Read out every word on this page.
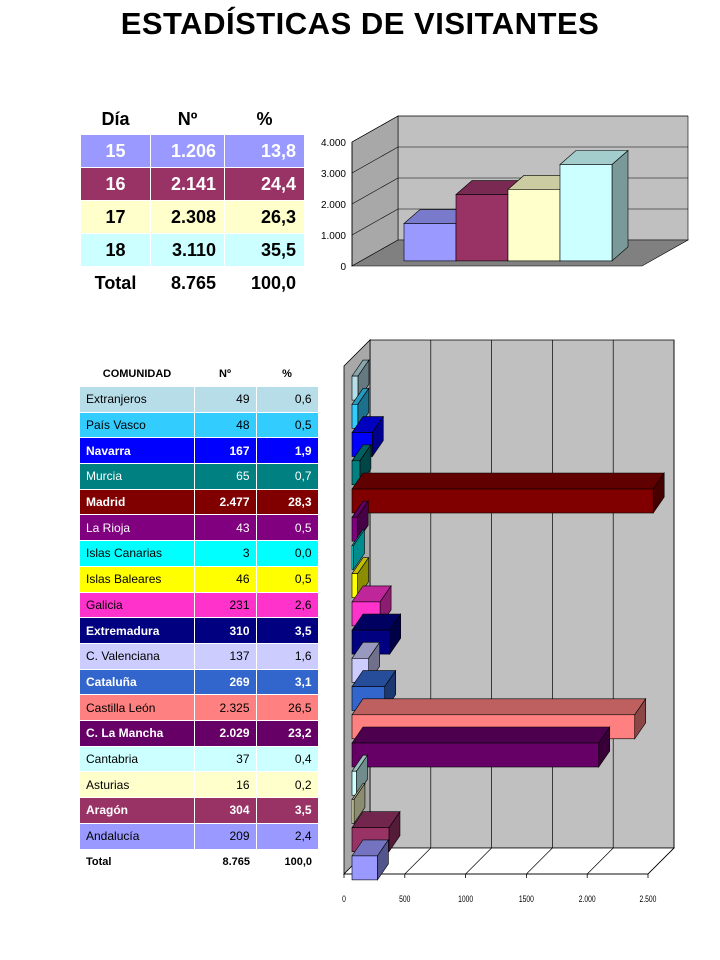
ESTADÍSTICAS DE VISITANTES
Día	Nº	%
15	1.206	13,8
16	2.141	24,4
17	2.308	26,3
18	3.110	35,5
Total	8.765	100,0
COMUNIDAD	Nº	%
Extranjeros	49	0,6
País Vasco	48	0,5
Navarra	167	1,9
Murcia	65	0,7
Madrid	2.477	28,3
La Rioja	43	0,5
Islas Canarias	3	0,0
Islas Baleares	46	0,5
Galicia	231	2,6
Extremadura	310	3,5
C. Valenciana	137	1,6
Cataluña	269	3,1
Castilla León	2.325	26,5
C. La Mancha	2.029	23,2
Cantabria	37	0,4
Asturias	16	0,2
Aragón	304	3,5
Andalucía	209	2,4
Total	8.765	100,0
0
1.000
2.000
3.000
4.000
0	500	1000	1500	2.000	2.500
